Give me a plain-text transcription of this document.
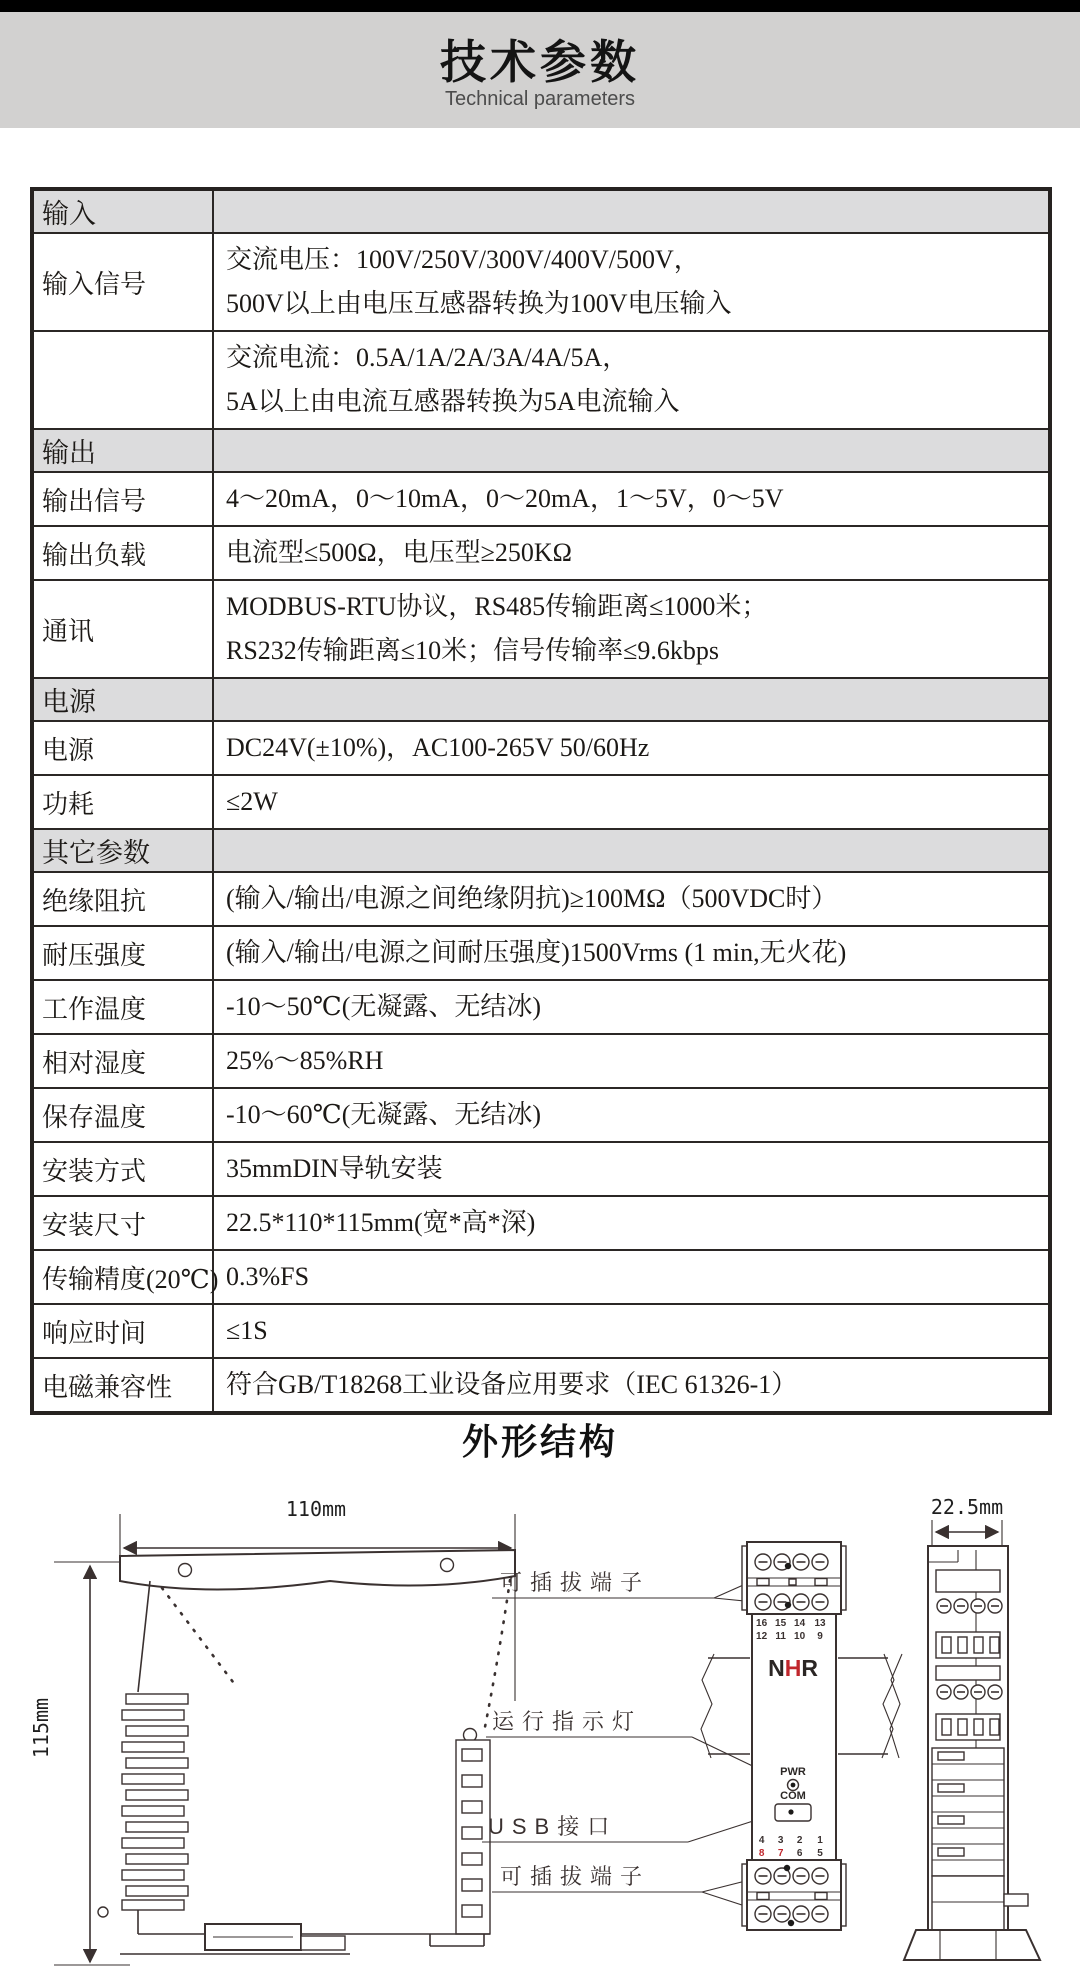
技术参数
Technical parameters
输入	
输入信号	交流电压：100V/250V/300V/400V/500V，
500V以上由电压互感器转换为100V电压输入

	交流电流：0.5A/1A/2A/3A/4A/5A，
5A以上由电流互感器转换为5A电流输入

输出	
输出信号	4～20mA，0～10mA，0～20mA，1～5V，0～5V

输出负载	电流型≤500Ω，电压型≥250KΩ

通讯	MODBUS-RTU协议，RS485传输距离≤1000米；
RS232传输距离≤10米；信号传输率≤9.6kbps

电源	
电源	DC24V(±10%)，AC100-265V 50/60Hz

功耗	≤2W

其它参数	
绝缘阻抗	(输入/输出/电源之间绝缘阴抗)≥100MΩ（500VDC时）

耐压强度	(输入/输出/电源之间耐压强度)1500Vrms (1 min,无火花)

工作温度	-10～50℃(无凝露、无结冰)

相对湿度	25%～85%RH

保存温度	-10～60℃(无凝露、无结冰)

安装方式	35mmDIN导轨安装

安装尺寸	22.5*110*115mm(宽*高*深)

传输精度(20℃)	0.3%FS

响应时间	≤1S

电磁兼容性	符合GB/T18268工业设备应用要求（IEC 61326-1）
外形结构
110mm
115mm
可插拔端子
运行指示灯
USB接口
可插拔端子
16 15 14 13
12 11 10 9
NHR
PWR
COM
4 3 2 1
8 7 6 5
22.5mm
